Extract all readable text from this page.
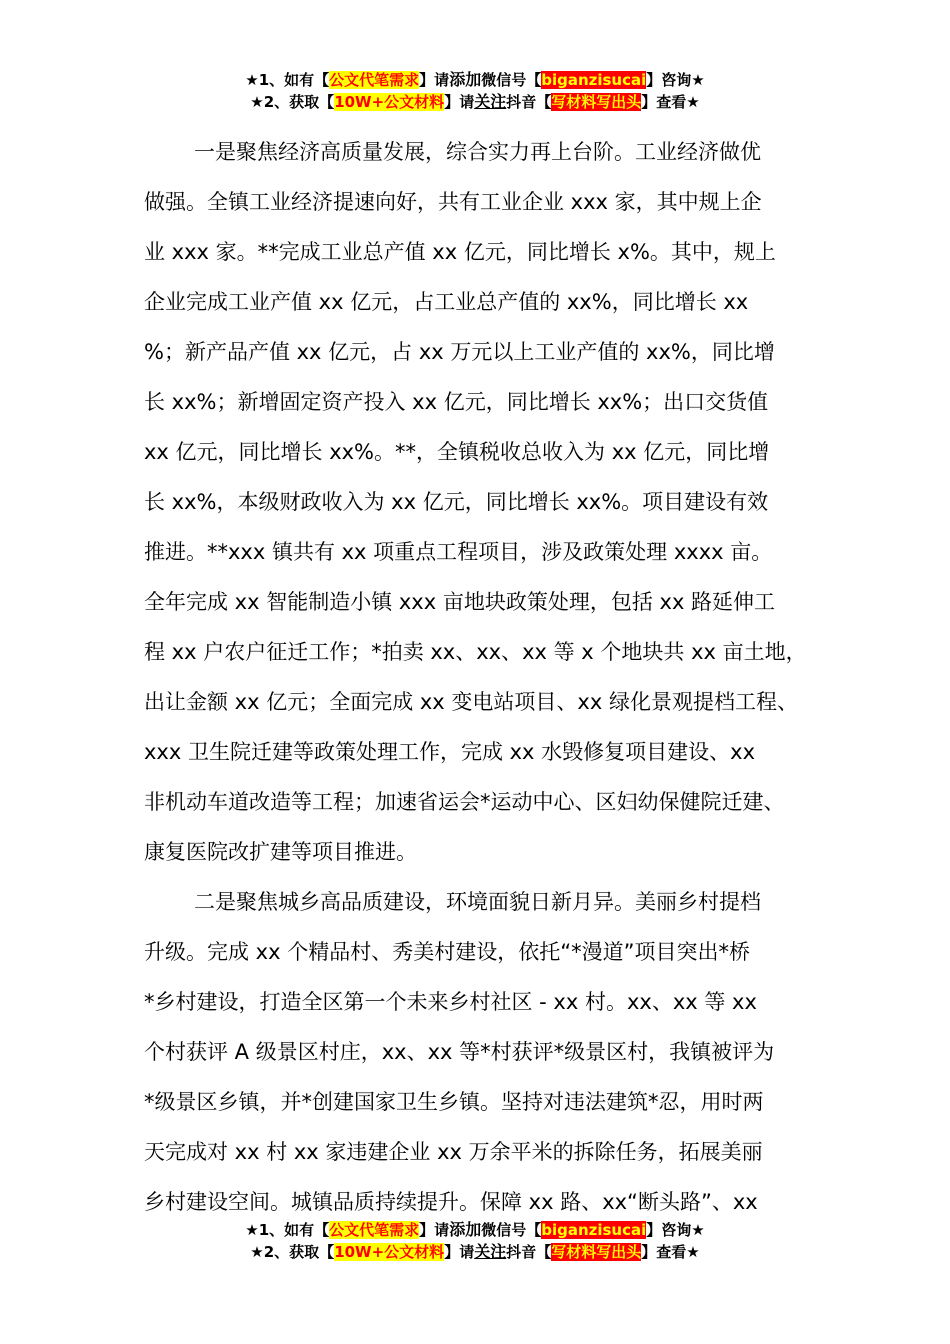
★1、如有【公文代笔需求】请添加微信号【biganzisucai】咨询★
★2、获取【10W+公文材料】请关注抖音【写材料写出头】查看★
一是聚焦经济高质量发展，综合实力再上台阶。工业经济做优
做强。全镇工业经济提速向好，共有工业企业 xxx 家，其中规上企
业 xxx 家。**完成工业总产值 xx 亿元，同比增长 x%。其中，规上
企业完成工业产值 xx 亿元，占工业总产值的 xx%，同比增长 xx
%；新产品产值 xx 亿元，占 xx 万元以上工业产值的 xx%，同比增
长 xx%；新增固定资产投入 xx 亿元，同比增长 xx%；出口交货值
xx 亿元，同比增长 xx%。**，全镇税收总收入为 xx 亿元，同比增
长 xx%，本级财政收入为 xx 亿元，同比增长 xx%。项目建设有效
推进。**xxx 镇共有 xx 项重点工程项目，涉及政策处理 xxxx 亩。
全年完成 xx 智能制造小镇 xxx 亩地块政策处理，包括 xx 路延伸工
程 xx 户农户征迁工作；*拍卖 xx、xx、xx 等 x 个地块共 xx 亩土地，
出让金额 xx 亿元；全面完成 xx 变电站项目、xx 绿化景观提档工程、
xxx 卫生院迁建等政策处理工作，完成 xx 水毁修复项目建设、xx
非机动车道改造等工程；加速省运会*运动中心、区妇幼保健院迁建、
康复医院改扩建等项目推进。
二是聚焦城乡高品质建设，环境面貌日新月异。美丽乡村提档
升级。完成 xx 个精品村、秀美村建设，依托“*漫道”项目突出*桥
*乡村建设，打造全区第一个未来乡村社区 - xx 村。xx、xx 等 xx
个村获评 A 级景区村庄，xx、xx 等*村获评*级景区村，我镇被评为
*级景区乡镇，并*创建国家卫生乡镇。坚持对违法建筑*忍，用时两
天完成对 xx 村 xx 家违建企业 xx 万余平米的拆除任务，拓展美丽
乡村建设空间。城镇品质持续提升。保障 xx 路、xx“断头路”、xx
★1、如有【公文代笔需求】请添加微信号【biganzisucai】咨询★
★2、获取【10W+公文材料】请关注抖音【写材料写出头】查看★
